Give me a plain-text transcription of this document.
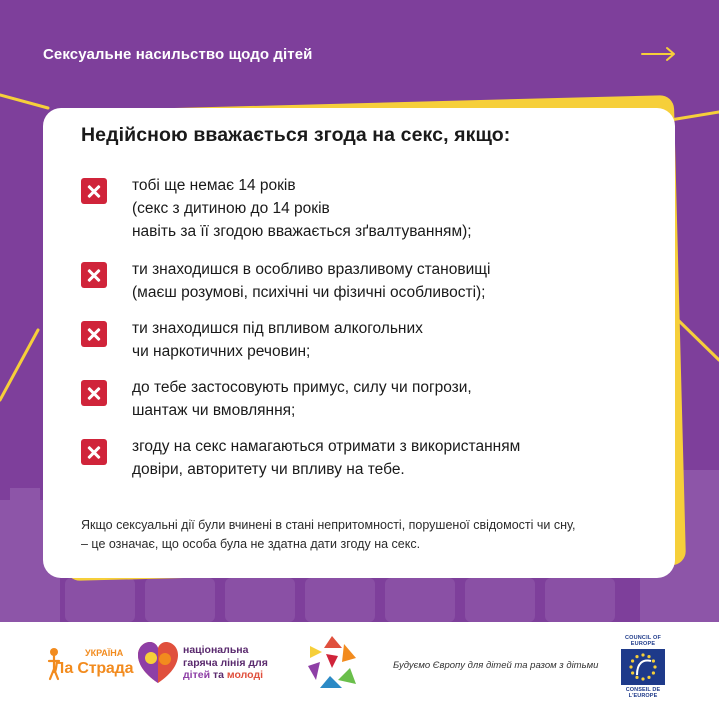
Сексуальне насильство щодо дітей
Недійсною вважається згода на секс, якщо:
тобі ще немає 14 років
(секс з дитиною до 14 років
навіть за її згодою вважається зґвалтуванням);
ти знаходишся в особливо вразливому становищі
(маєш розумові, психічні чи фізичні особливості);
ти знаходишся під впливом алкогольних
чи наркотичних речовин;
до тебе застосовують примус, силу чи погрози,
шантаж чи вмовляння;
згоду на секс намагаються отримати з використанням
довіри, авторитету чи впливу на тебе.
Якщо сексуальні дії були вчинені в стані непритомності, порушеної свідомості чи сну,
– це означає, що особа була не здатна дати згоду на секс.
УКРАЇНА
Ла Страда
національна
гаряча лінія для
дітей та молоді
Будуємо Європу для дітей та разом з дітьми
COUNCIL OF EUROPE
CONSEIL DE L'EUROPE
